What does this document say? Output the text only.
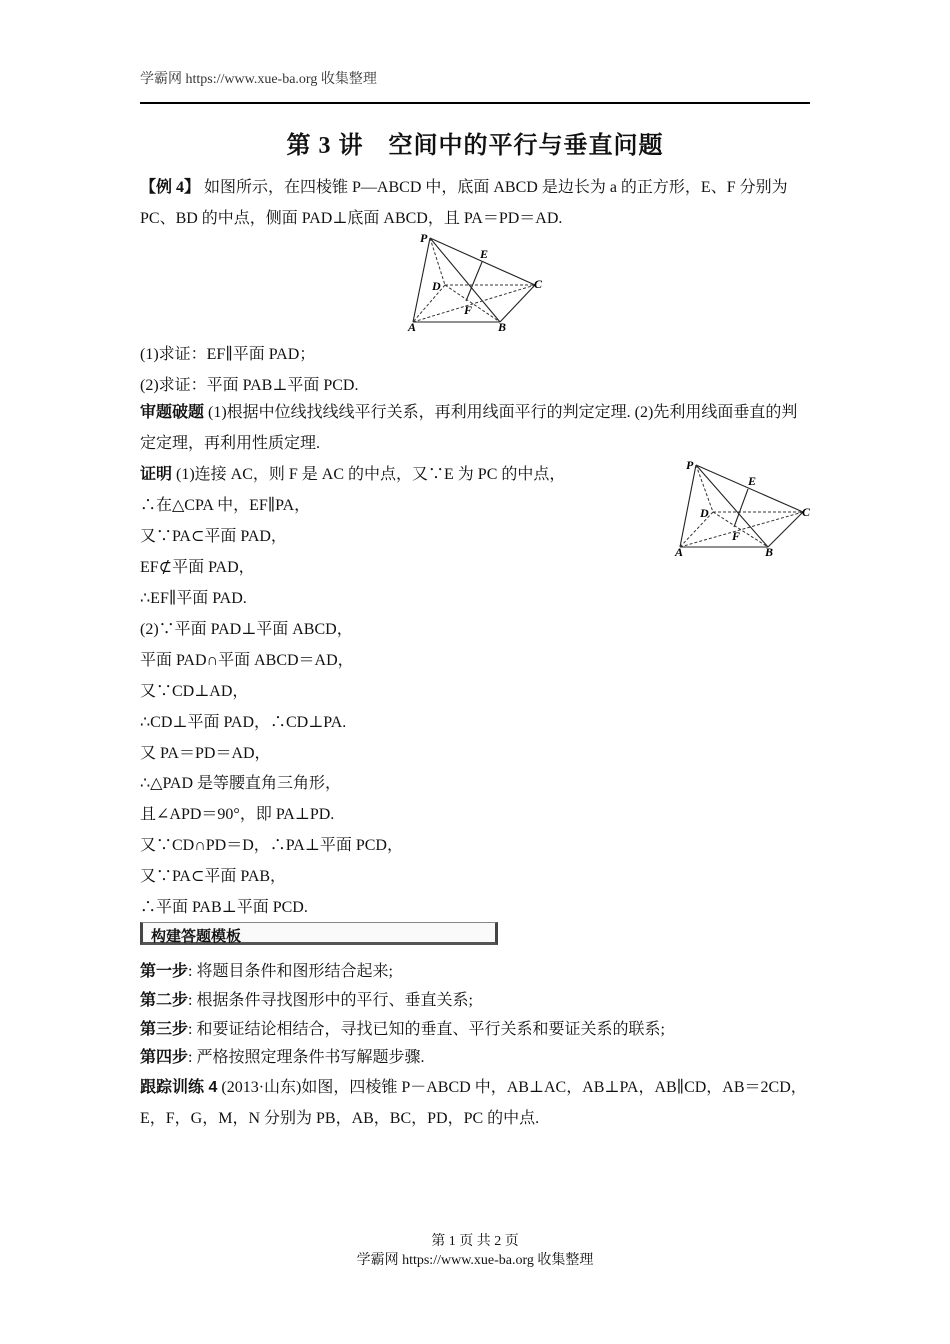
学霸网 https://www.xue-ba.org 收集整理
第 3 讲　空间中的平行与垂直问题
【例 4】 如图所示，在四棱锥 P—ABCD 中，底面 ABCD 是边长为 a 的正方形，E、F 分别为 PC、BD 的中点，侧面 PAD⊥底面 ABCD，且 PA＝PD＝AD.
P
E
D	C
F
A	B
(1)求证：EF∥平面 PAD；
(2)求证：平面 PAB⊥平面 PCD.
审题破题 (1)根据中位线找线线平行关系，再利用线面平行的判定定理. (2)先利用线面垂直的判定定理，再利用性质定理.
证明 (1)连接 AC，则 F 是 AC 的中点，又∵E 为 PC 的中点，
∴在△CPA 中，EF∥PA，
又∵PA⊂平面 PAD，
EF⊄平面 PAD，
∴EF∥平面 PAD.
(2)∵平面 PAD⊥平面 ABCD，
平面 PAD∩平面 ABCD＝AD，
又∵CD⊥AD，
∴CD⊥平面 PAD，∴CD⊥PA.
又 PA＝PD＝AD，
∴△PAD 是等腰直角三角形，
且∠APD＝90°，即 PA⊥PD.
又∵CD∩PD＝D，∴PA⊥平面 PCD，
又∵PA⊂平面 PAB，
∴平面 PAB⊥平面 PCD.
P
E
D	C
F
A	B
构建答题模板
第一步: 将题目条件和图形结合起来;
第二步: 根据条件寻找图形中的平行、垂直关系;
第三步: 和要证结论相结合，寻找已知的垂直、平行关系和要证关系的联系;
第四步: 严格按照定理条件书写解题步骤.
跟踪训练 4 (2013·山东)如图，四棱锥 P－ABCD 中，AB⊥AC，AB⊥PA，AB∥CD，AB＝2CD，E，F，G，M，N 分别为 PB，AB，BC，PD，PC 的中点.
第 1 页 共 2 页
学霸网 https://www.xue-ba.org 收集整理
